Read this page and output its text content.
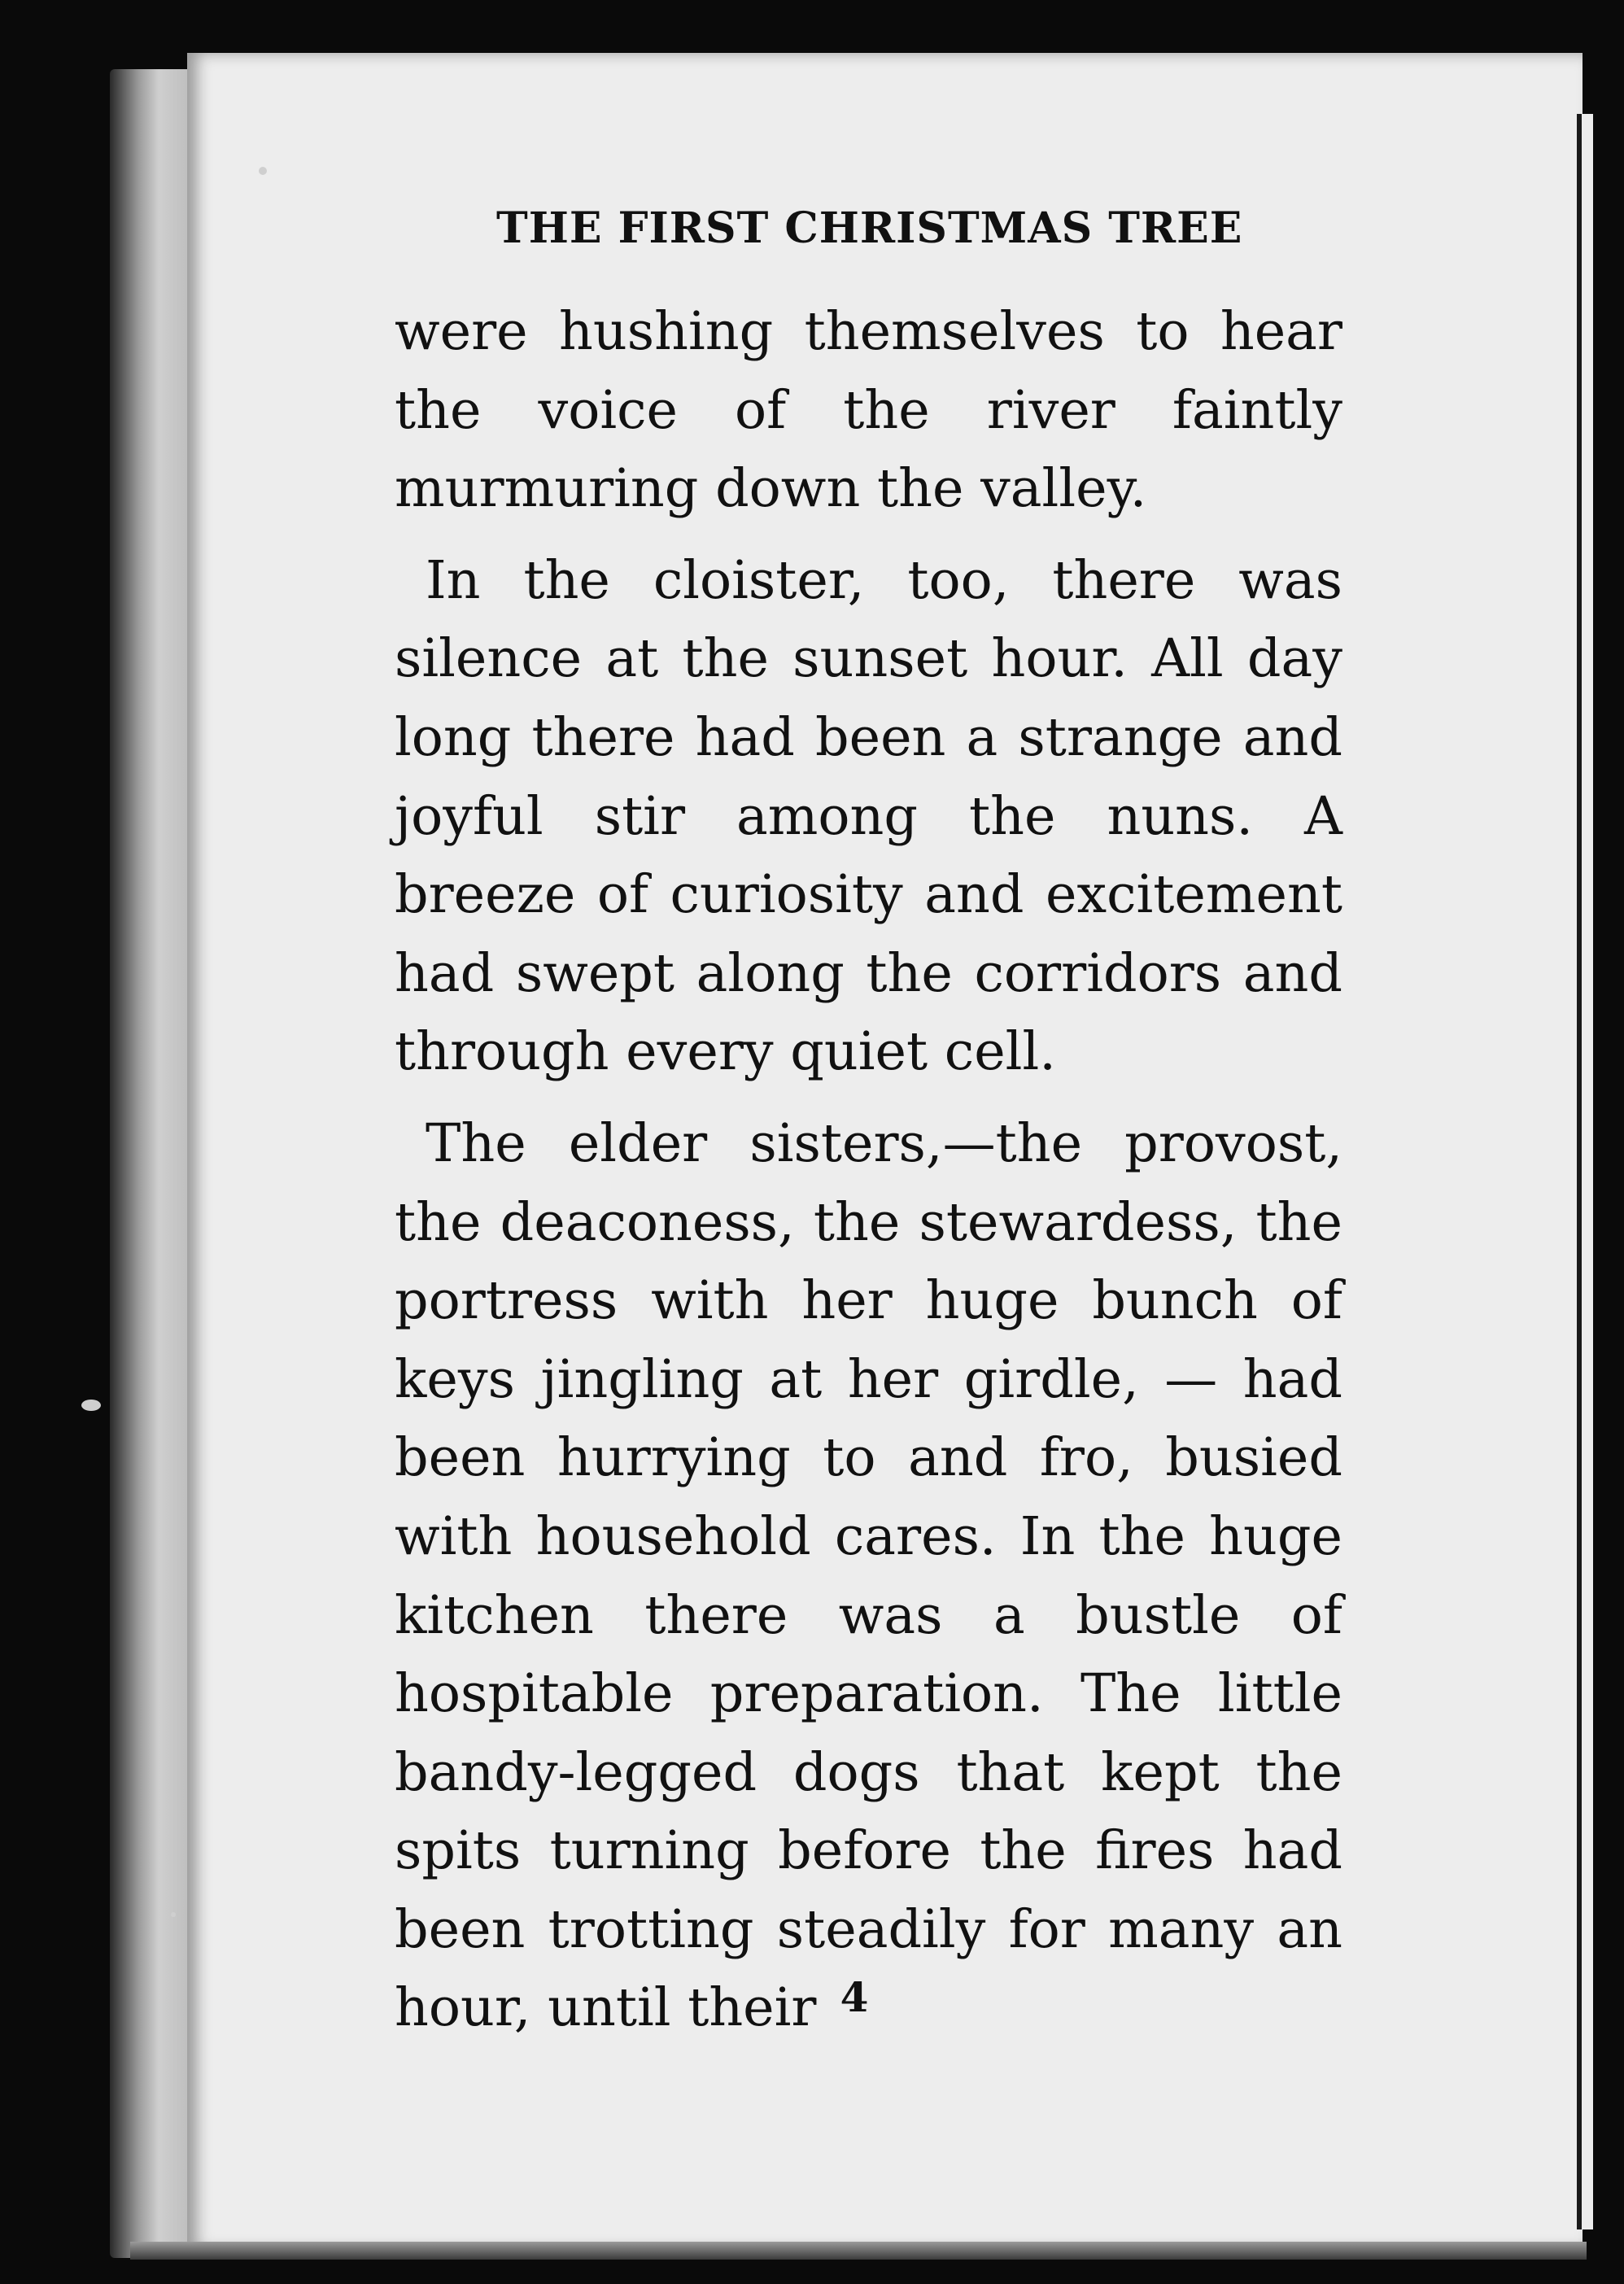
THE FIRST CHRISTMAS TREE

were hushing themselves to hear the voice of the river faintly murmuring down the valley.

In the cloister, too, there was silence at the sunset hour. All day long there had been a strange and joyful stir among the nuns. A breeze of curiosity and excitement had swept along the corridors and through every quiet cell.

The elder sisters,—the provost, the deaconess, the stewardess, the portress with her huge bunch of keys jingling at her girdle, — had been hurrying to and fro, busied with household cares. In the huge kitchen there was a bustle of hospitable preparation. The little bandy-legged dogs that kept the spits turning before the fires had been trotting steadily for many an hour, until their 4
